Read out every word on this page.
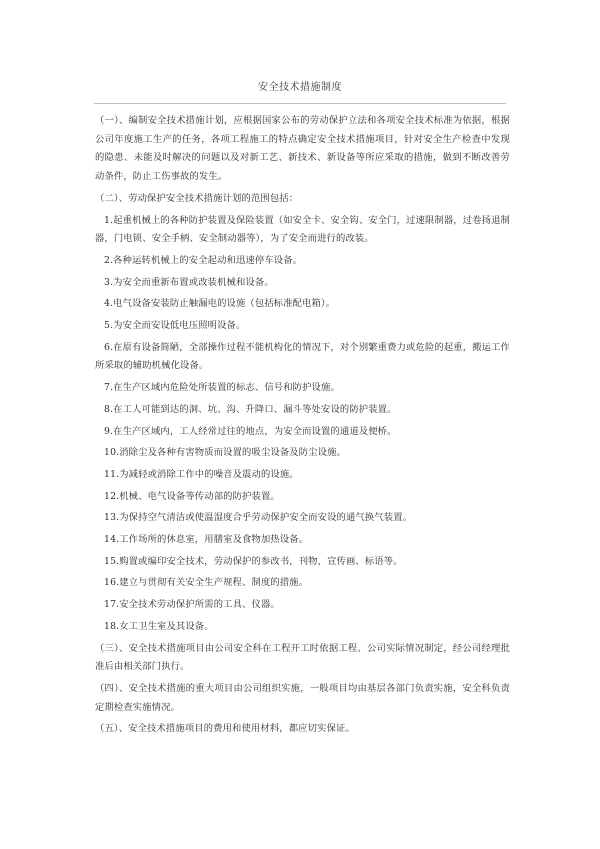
安全技术措施制度

（一）、编制安全技术措施计划，应根据国家公布的劳动保护立法和各项安全技术标准为依据，根据公司年度施工生产的任务，各项工程施工的特点确定安全技术措施项目，针对安全生产检查中发现的隐患、未能及时解决的问题以及对新工艺、新技术、新设备等所应采取的措施，做到不断改善劳动条件，防止工伤事故的发生。

（二）、劳动保护安全技术措施计划的范围包括：

1.起重机械上的各种防护装置及保险装置（如安全卡、安全钩、安全门，过速限制器，过卷扬退制器，门电锁、安全手柄、安全制动器等），为了安全而进行的改装。

2.各种运转机械上的安全起动和迅速停车设备。

3.为安全而重新布置或改装机械和设备。

4.电气设备安装防止触漏电的设施（包括标准配电箱）。

5.为安全而安设低电压照明设备。

6.在原有设备简陋，全部操作过程不能机构化的情况下，对个别繁重费力或危险的起重，搬运工作所采取的辅助机械化设备。

7.在生产区域内危险处所装置的标志、信号和防护设施。

8.在工人可能到达的洞、坑、沟、升降口、漏斗等处安设的防护装置。

9.在生产区域内，工人经常过往的地点，为安全而设置的通道及便桥。

10.消除尘及各种有害物质而设置的吸尘设备及防尘设施。

11.为减轻或消除工作中的噪音及震动的设施。

12.机械、电气设备等传动部的防护装置。

13.为保持空气清洁或使温湿度合乎劳动保护安全而安设的通气换气装置。

14.工作场所的休息室，用膳室及食物加热设备。

15.购置或编印安全技术，劳动保护的参改书，刊物，宣传画、标语等。

16.建立与贯彻有关安全生产规程、制度的措施。

17.安全技术劳动保护所需的工具、仪器。

18.女工卫生室及其设备。

（三）、安全技术措施项目由公司安全科在工程开工时依据工程、公司实际情况制定，经公司经理批准后由相关部门执行。

（四）、安全技术措施的重大项目由公司组织实施，一般项目均由基层各部门负责实施，安全科负责定期检查实施情况。

（五）、安全技术措施项目的费用和使用材料，都应切实保证。
